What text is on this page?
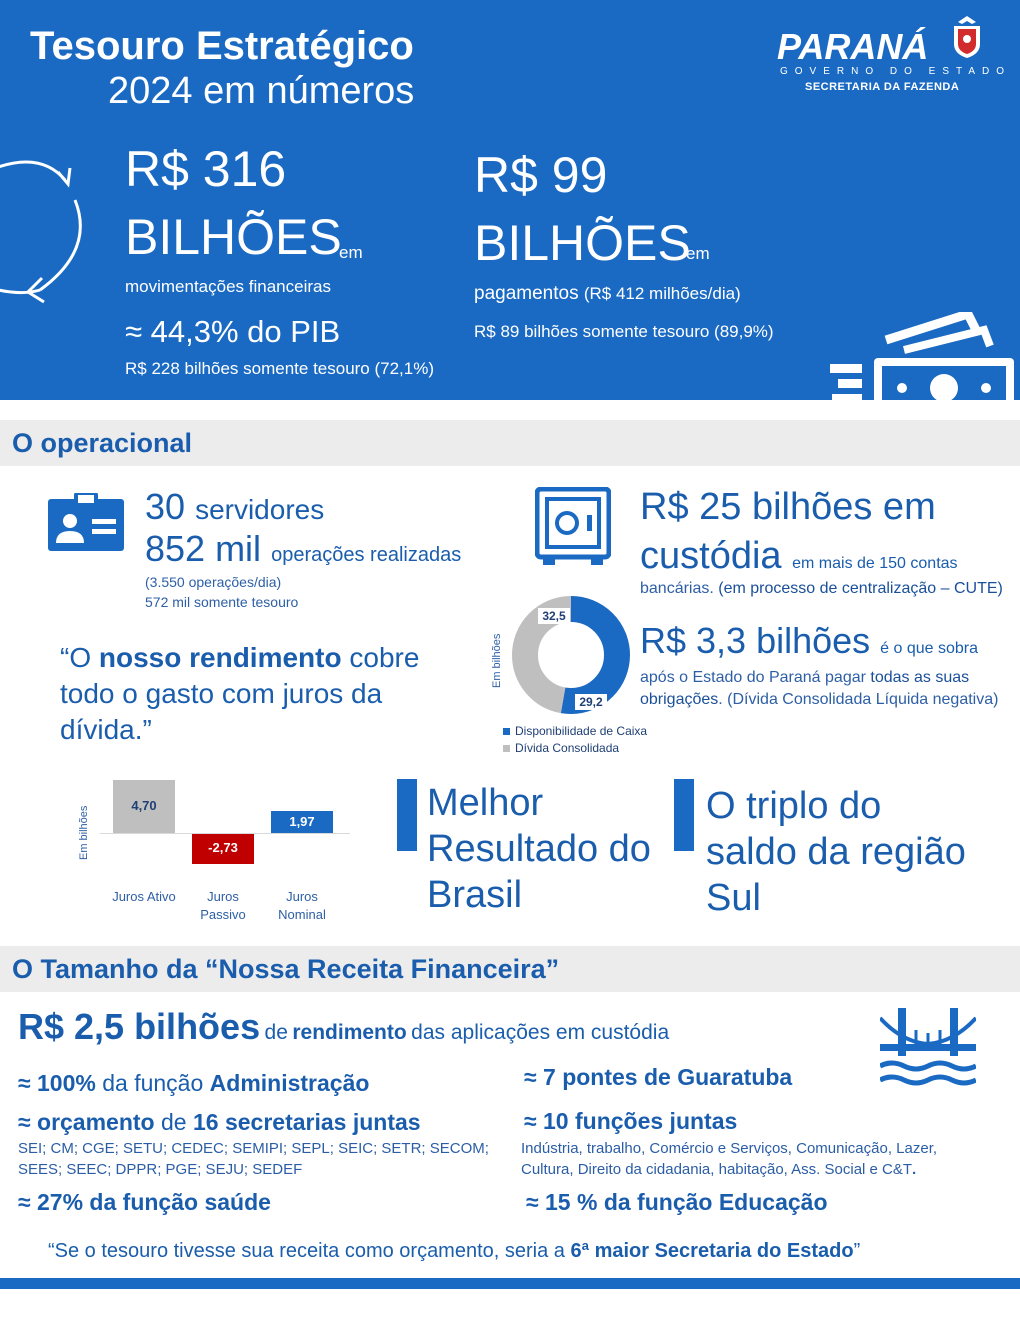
Tesouro Estratégico
2024 em números
PARANÁ
GOVERNO DO ESTADO
SECRETARIA DA FAZENDA
R$ 316
BILHÕES
em
movimentações financeiras
≈ 44,3% do PIB
R$ 228 bilhões somente tesouro (72,1%)
R$ 99
BILHÕES
em
pagamentos (R$ 412 milhões/dia)
R$ 89 bilhões somente tesouro (89,9%)
O operacional
30 servidores
852 mil operações realizadas
(3.550 operações/dia)
572 mil somente tesouro
R$ 25 bilhões em
custódia em mais de 150 contas
bancárias. (em processo de centralização – CUTE)
Em bilhões
32,5
29,2
Disponibilidade de Caixa
Dívida Consolidada
R$ 3,3 bilhões é o que sobra
após o Estado do Paraná pagar todas as suas
obrigações. (Dívida Consolidada Líquida negativa)
“O nosso rendimento cobre
todo o gasto com juros da
dívida.”
Em bilhões	4,70
Juros Ativo
-2,73
Juros
Passivo
1,97
Juros
Nominal
Melhor
Resultado do
Brasil
O triplo do
saldo da região
Sul
O Tamanho da “Nossa Receita Financeira”
R$ 2,5 bilhões de rendimento das aplicações em custódia
≈ 100% da função Administração
≈ orçamento de 16 secretarias juntas
SEI; CM; CGE; SETU; CEDEC; SEMIPI; SEPL; SEIC; SETR; SECOM;
SEES; SEEC; DPPR; PGE; SEJU; SEDEF
≈ 27% da função saúde
≈ 7 pontes de Guaratuba
≈ 10 funções juntas
Indústria, trabalho, Comércio e Serviços, Comunicação, Lazer,
Cultura, Direito da cidadania, habitação, Ass. Social e C&T.
≈ 15 % da função Educação
“Se o tesouro tivesse sua receita como orçamento, seria a 6ª maior Secretaria do Estado”
